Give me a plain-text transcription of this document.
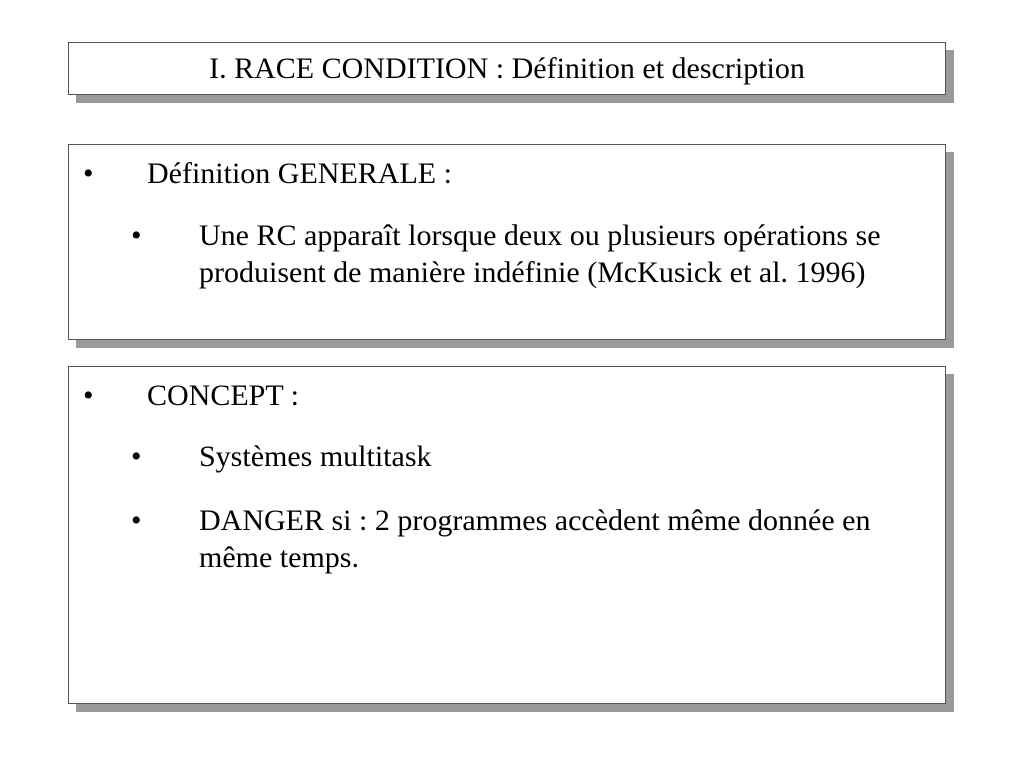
I. RACE CONDITION : Définition et description
• Définition GENERALE :
• Une RC apparaît lorsque deux ou plusieurs opérations se produisent de manière indéfinie (McKusick et al. 1996)
• CONCEPT :
• Systèmes multitask
• DANGER si : 2 programmes accèdent même donnée en même temps.
